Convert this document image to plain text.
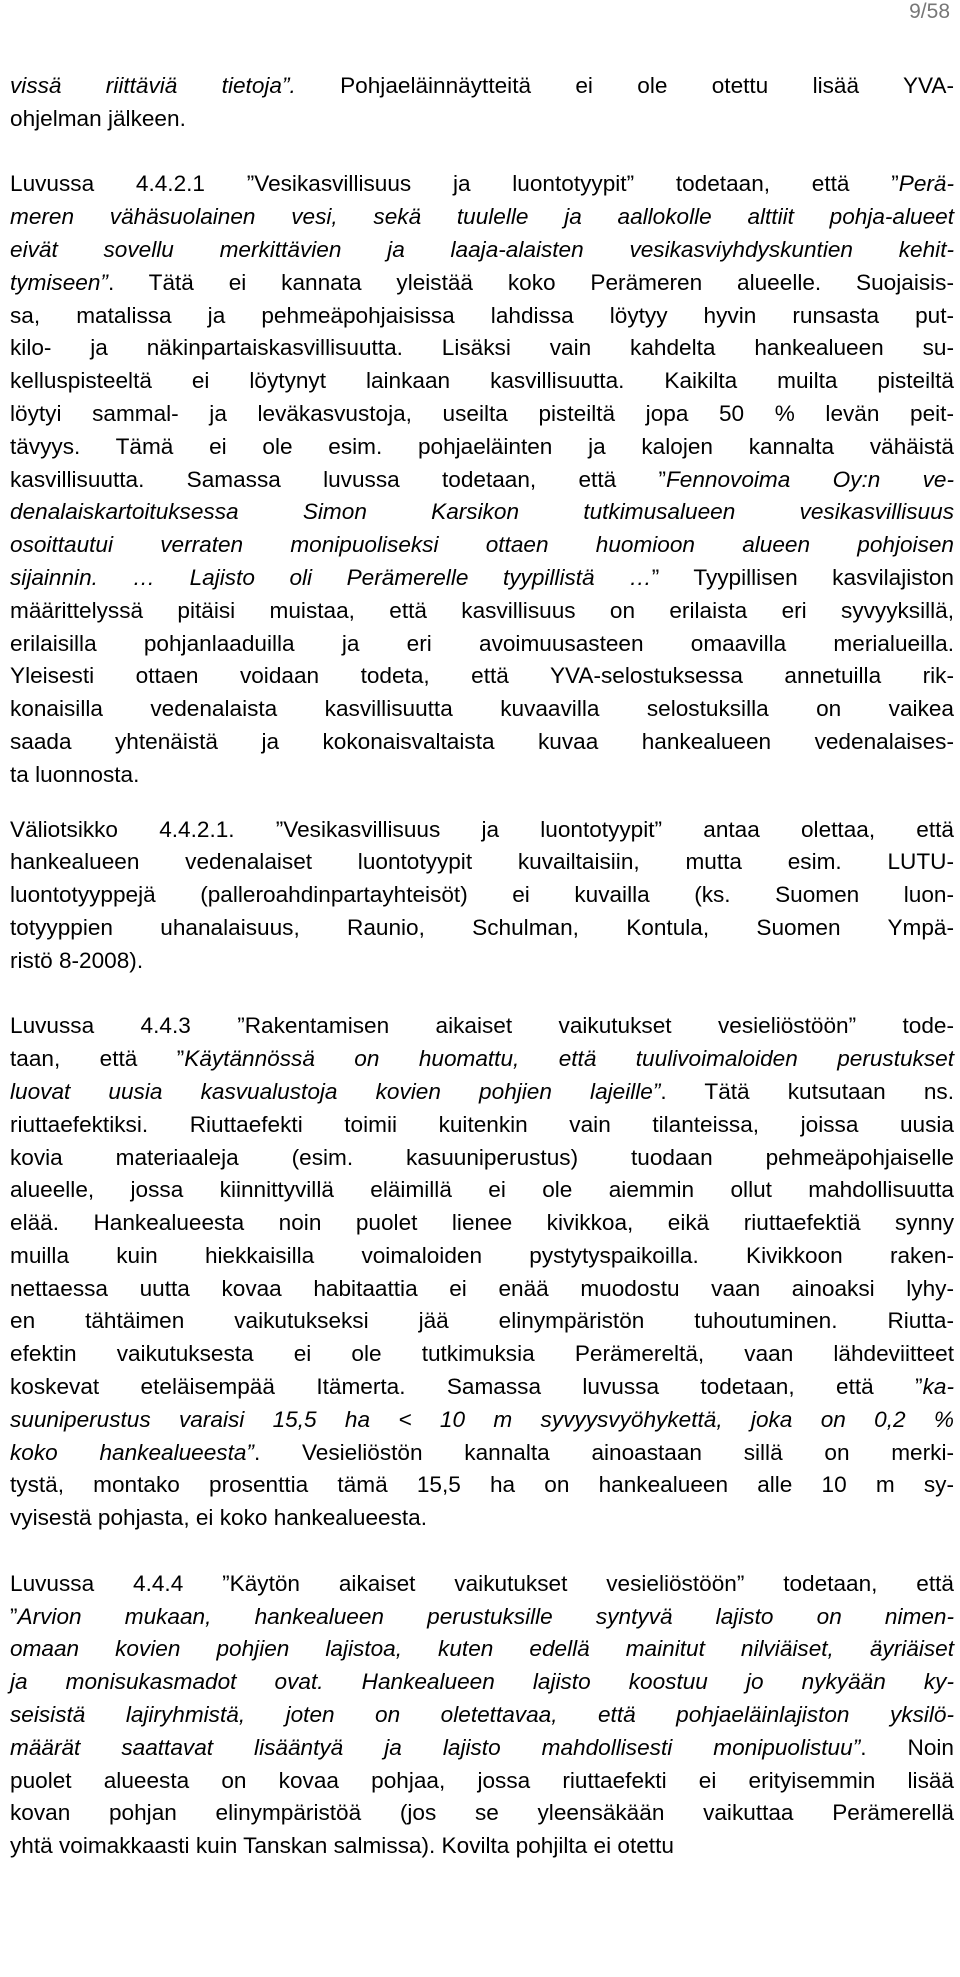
9/58

vissä riittäviä tietoja”. Pohjaeläinnäytteitä ei ole otettu lisää YVA-
ohjelman jälkeen.

Luvussa 4.4.2.1 ”Vesikasvillisuus ja luontotyypit” todetaan, että ”Perä-
meren vähäsuolainen vesi, sekä tuulelle ja aallokolle alttiit pohja-alueet
eivät sovellu merkittävien ja laaja-alaisten vesikasviyhdyskuntien kehit-
tymiseen”. Tätä ei kannata yleistää koko Perämeren alueelle. Suojaisis-
sa, matalissa ja pehmeäpohjaisissa lahdissa löytyy hyvin runsasta put-
kilo- ja näkinpartaiskasvillisuutta. Lisäksi vain kahdelta hankealueen su-
kelluspisteeltä ei löytynyt lainkaan kasvillisuutta. Kaikilta muilta pisteiltä
löytyi sammal- ja leväkasvustoja, useilta pisteiltä jopa 50 % levän peit-
tävyys. Tämä ei ole esim. pohjaeläinten ja kalojen kannalta vähäistä
kasvillisuutta. Samassa luvussa todetaan, että ”Fennovoima Oy:n ve-
denalaiskartoituksessa Simon Karsikon tutkimusalueen vesikasvillisuus
osoittautui verraten monipuoliseksi ottaen huomioon alueen pohjoisen
sijainnin. … Lajisto oli Perämerelle tyypillistä …” Tyypillisen kasvilajiston
määrittelyssä pitäisi muistaa, että kasvillisuus on erilaista eri syvyyksillä,
erilaisilla pohjanlaaduilla ja eri avoimuusasteen omaavilla merialueilla.
Yleisesti ottaen voidaan todeta, että YVA-selostuksessa annetuilla rik-
konaisilla vedenalaista kasvillisuutta kuvaavilla selostuksilla on vaikea
saada yhtenäistä ja kokonaisvaltaista kuvaa hankealueen vedenalaises-
ta luonnosta.

Väliotsikko 4.4.2.1. ”Vesikasvillisuus ja luontotyypit” antaa olettaa, että
hankealueen vedenalaiset luontotyypit kuvailtaisiin, mutta esim. LUTU-
luontotyyppejä (palleroahdinpartayhteisöt) ei kuvailla (ks. Suomen luon-
totyyppien uhanalaisuus, Raunio, Schulman, Kontula, Suomen Ympä-
ristö 8-2008).

Luvussa 4.4.3 ”Rakentamisen aikaiset vaikutukset vesieliöstöön” tode-
taan, että ”Käytännössä on huomattu, että tuulivoimaloiden perustukset
luovat uusia kasvualustoja kovien pohjien lajeille”. Tätä kutsutaan ns.
riuttaefektiksi. Riuttaefekti toimii kuitenkin vain tilanteissa, joissa uusia
kovia materiaaleja (esim. kasuuniperustus) tuodaan pehmeäpohjaiselle
alueelle, jossa kiinnittyvillä eläimillä ei ole aiemmin ollut mahdollisuutta
elää. Hankealueesta noin puolet lienee kivikkoa, eikä riuttaefektiä synny
muilla kuin hiekkaisilla voimaloiden pystytyspaikoilla. Kivikkoon raken-
nettaessa uutta kovaa habitaattia ei enää muodostu vaan ainoaksi lyhy-
en tähtäimen vaikutukseksi jää elinympäristön tuhoutuminen. Riutta-
efektin vaikutuksesta ei ole tutkimuksia Perämereltä, vaan lähdeviitteet
koskevat eteläisempää Itämerta. Samassa luvussa todetaan, että ”ka-
suuniperustus varaisi 15,5 ha < 10 m syvyysvyöhykettä, joka on 0,2 %
koko hankealueesta”. Vesieliöstön kannalta ainoastaan sillä on merki-
tystä, montako prosenttia tämä 15,5 ha on hankealueen alle 10 m sy-
vyisestä pohjasta, ei koko hankealueesta.

Luvussa 4.4.4 ”Käytön aikaiset vaikutukset vesieliöstöön” todetaan, että
”Arvion mukaan, hankealueen perustuksille syntyvä lajisto on nimen-
omaan kovien pohjien lajistoa, kuten edellä mainitut nilviäiset, äyriäiset
ja monisukasmadot ovat. Hankealueen lajisto koostuu jo nykyään ky-
seisistä lajiryhmistä, joten on oletettavaa, että pohjaeläinlajiston yksilö-
määrät saattavat lisääntyä ja lajisto mahdollisesti monipuolistuu”. Noin
puolet alueesta on kovaa pohjaa, jossa riuttaefekti ei erityisemmin lisää
kovan pohjan elinympäristöä (jos se yleensäkään vaikuttaa Perämerellä
yhtä voimakkaasti kuin Tanskan salmissa). Kovilta pohjilta ei otettu
